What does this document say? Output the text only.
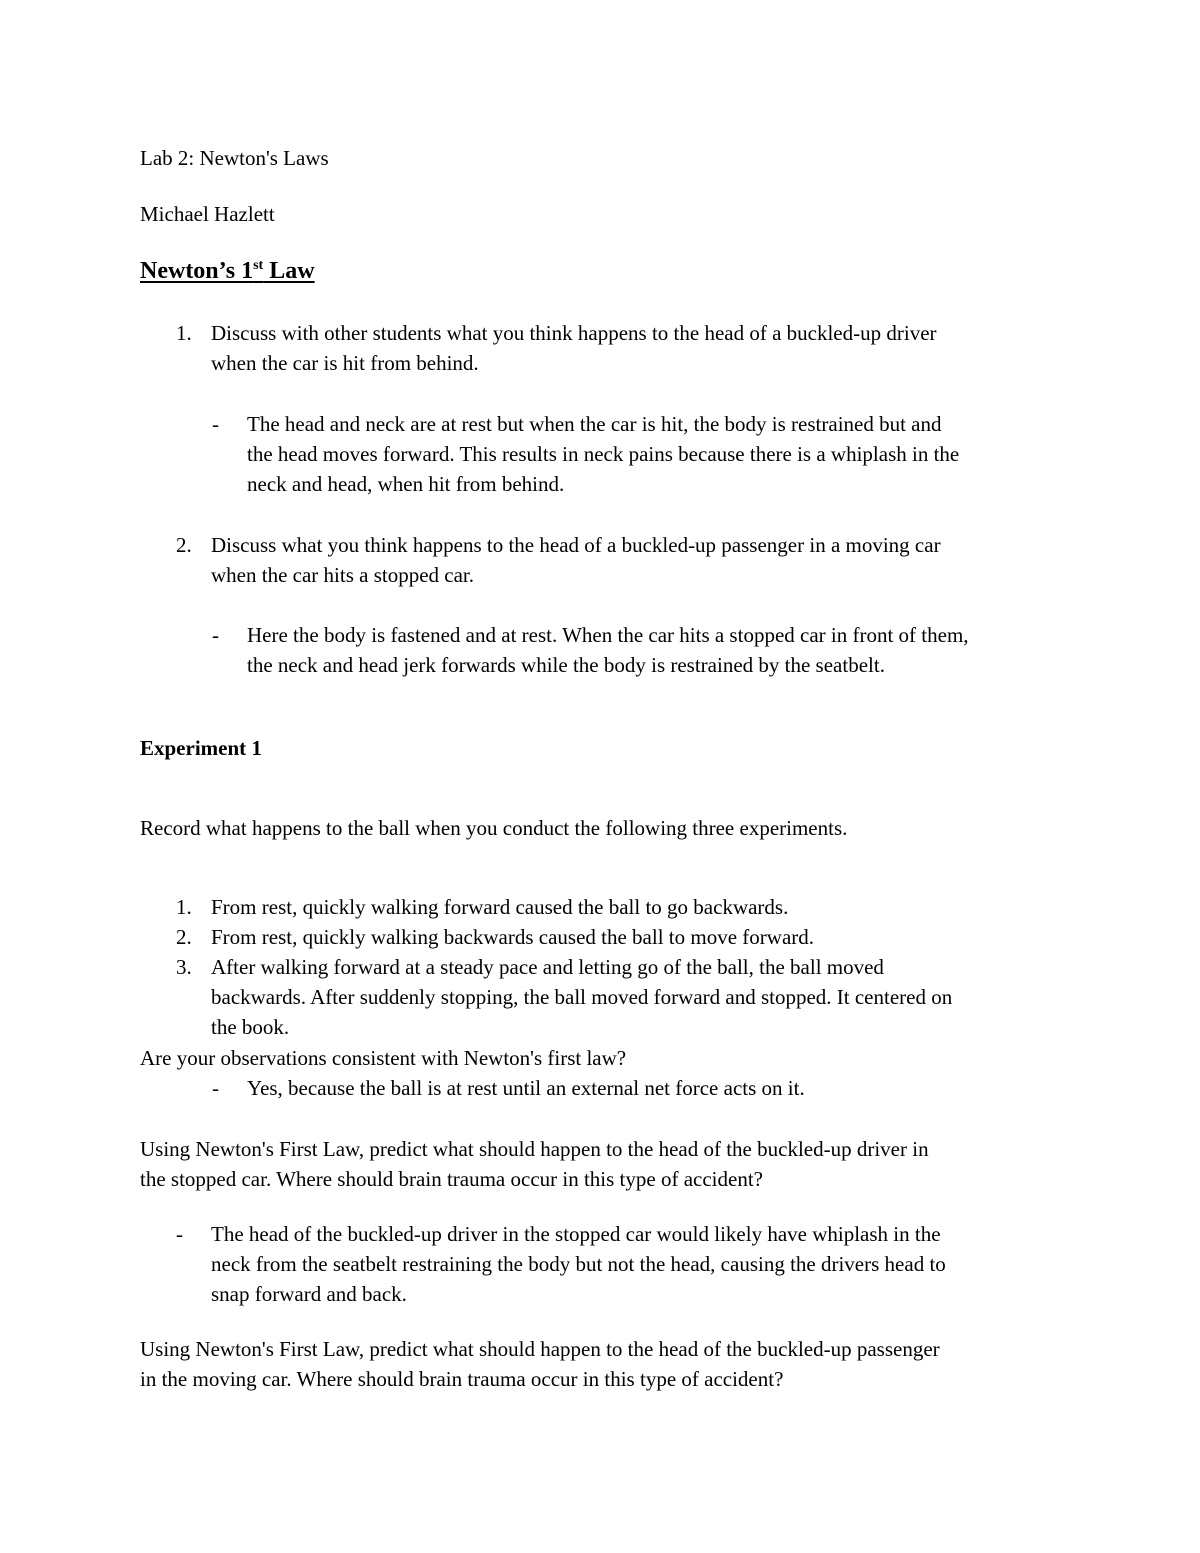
Lab 2: Newton's Laws
Michael Hazlett
Newton’s 1st Law
1. Discuss with other students what you think happens to the head of a buckled-up driver
when the car is hit from behind.
- The head and neck are at rest but when the car is hit, the body is restrained but and
the head moves forward. This results in neck pains because there is a whiplash in the
neck and head, when hit from behind.
2. Discuss what you think happens to the head of a buckled-up passenger in a moving car
when the car hits a stopped car.
- Here the body is fastened and at rest. When the car hits a stopped car in front of them,
the neck and head jerk forwards while the body is restrained by the seatbelt.
Experiment 1
Record what happens to the ball when you conduct the following three experiments.
1. From rest, quickly walking forward caused the ball to go backwards.
2. From rest, quickly walking backwards caused the ball to move forward.
3. After walking forward at a steady pace and letting go of the ball, the ball moved
backwards. After suddenly stopping, the ball moved forward and stopped. It centered on
the book.
Are your observations consistent with Newton's first law?
- Yes, because the ball is at rest until an external net force acts on it.
Using Newton's First Law, predict what should happen to the head of the buckled-up driver in
the stopped car. Where should brain trauma occur in this type of accident?
- The head of the buckled-up driver in the stopped car would likely have whiplash in the
neck from the seatbelt restraining the body but not the head, causing the drivers head to
snap forward and back.
Using Newton's First Law, predict what should happen to the head of the buckled-up passenger
in the moving car. Where should brain trauma occur in this type of accident?
